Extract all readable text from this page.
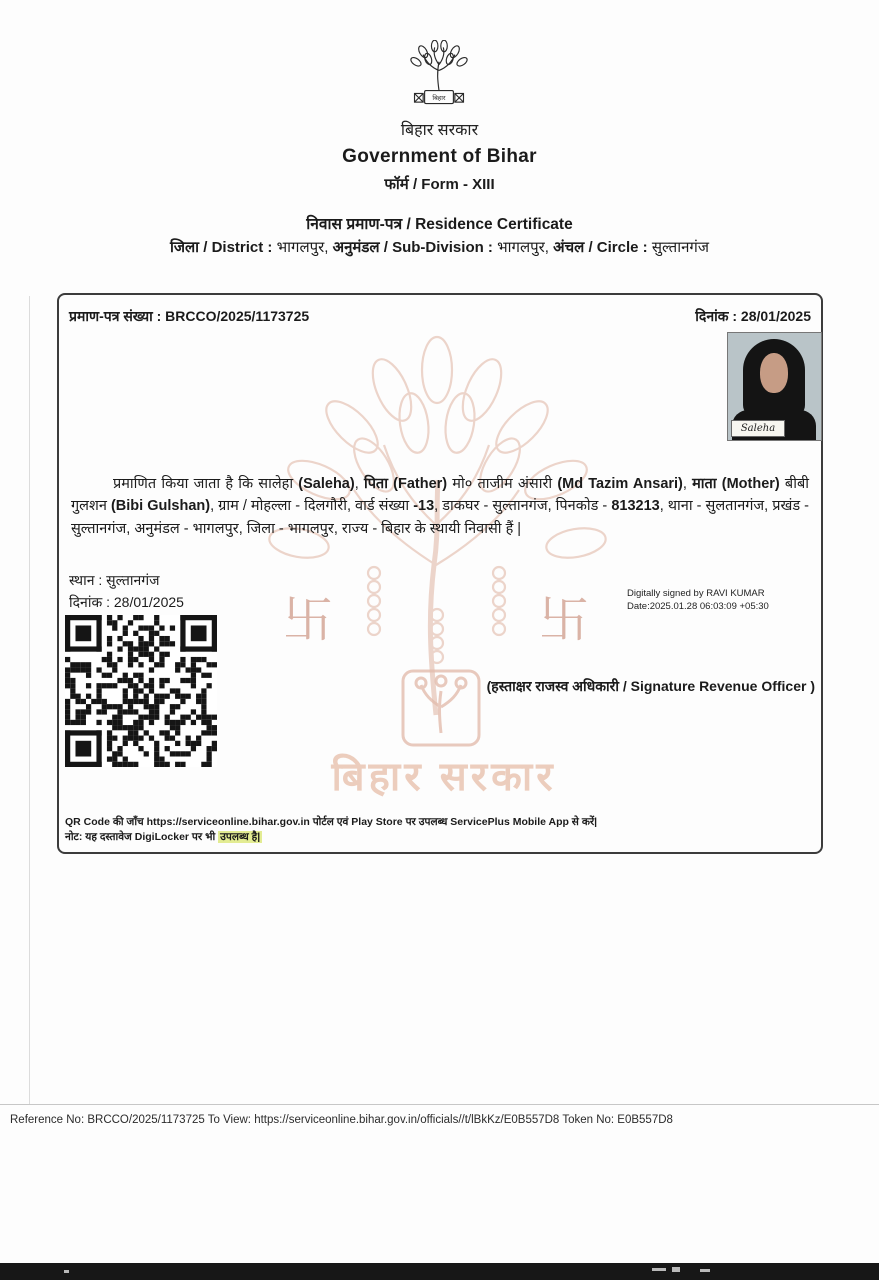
बिहार
बिहार सरकार
Government of Bihar
फॉर्म / Form - XIII
निवास प्रमाण-पत्र / Residence Certificate
जिला / District : भागलपुर, अनुमंडल / Sub-Division : भागलपुर, अंचल / Circle : सुल्तानगंज
卐	卐
बिहार सरकार
प्रमाण-पत्र संख्या : BRCCO/2025/1173725	दिनांक : 28/01/2025
Saleha
प्रमाणित किया जाता है कि सालेहा (Saleha), पिता (Father) मो० ताजीम अंसारी (Md Tazim Ansari), माता (Mother) बीबी गुलशन (Bibi Gulshan), ग्राम / मोहल्ला - दिलगौरी, वार्ड संख्या -13, डाकघर - सुल्तानगंज, पिनकोड - 813213, थाना - सुलतानगंज, प्रखंड - सुल्तानगंज, अनुमंडल - भागलपुर, जिला - भागलपुर, राज्य - बिहार के स्थायी निवासी हैं |
स्थान : सुल्तानगंज
दिनांक : 28/01/2025
Digitally signed by RAVI KUMAR
Date:2025.01.28 06:03:09 +05:30
(हस्ताक्षर राजस्व अधिकारी / Signature Revenue Officer )
QR Code की जाँच https://serviceonline.bihar.gov.in पोर्टल एवं Play Store पर उपलब्ध ServicePlus Mobile App से करें|
नोट: यह दस्तावेज DigiLocker पर भी उपलब्ध है|
Reference No: BRCCO/2025/1173725 To View: https://serviceonline.bihar.gov.in/officials//t/lBkKz/E0B557D8 Token No: E0B557D8
